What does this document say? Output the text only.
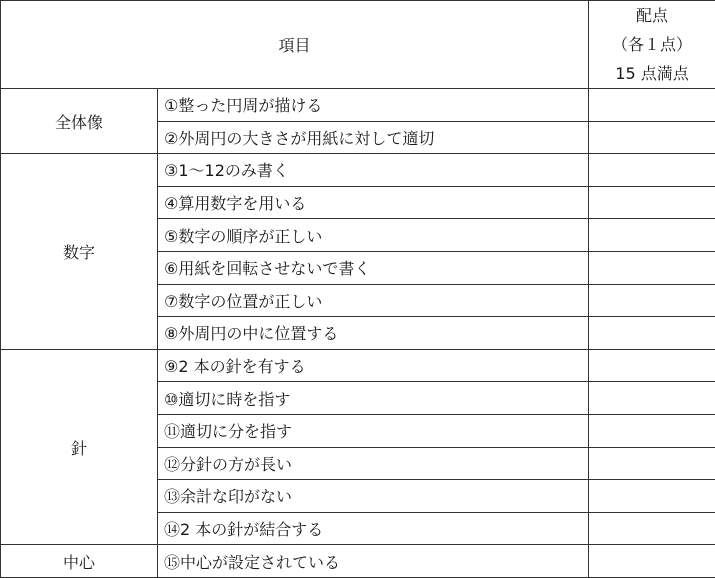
項目		配点
（各１点）
15 点満点

全体像	①整った円周が描ける	
	②外周円の大きさが用紙に対して適切	
数字	③1～12のみ書く	
	④算用数字を用いる	
	⑤数字の順序が正しい	
	⑥用紙を回転させないで書く	
	⑦数字の位置が正しい	
	⑧外周円の中に位置する	
針	⑨2 本の針を有する	
	⑩適切に時を指す	
	⑪適切に分を指す	
	⑫分針の方が長い	
	⑬余計な印がない	
	⑭2 本の針が結合する	
中心	⑮中心が設定されている	
